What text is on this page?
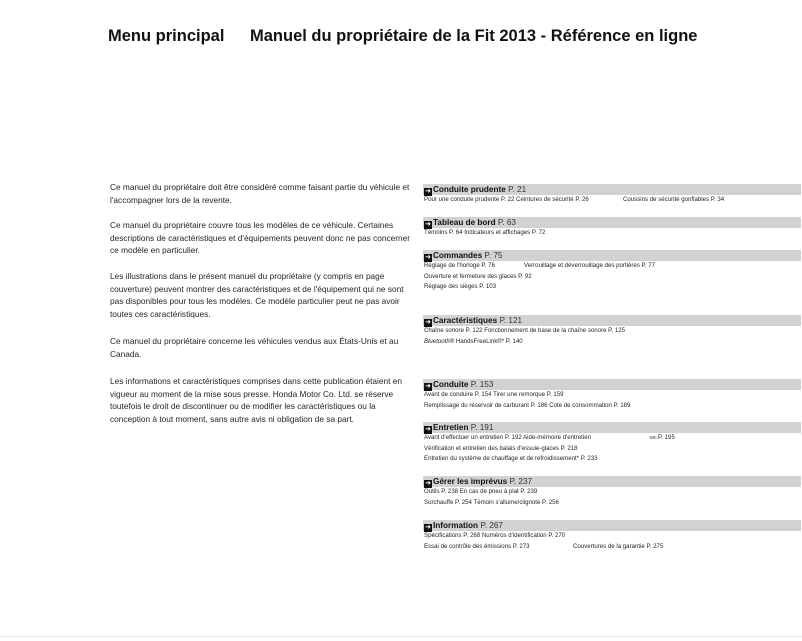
Menu principal Manuel du propriétaire de la Fit 2013 - Référence en ligne

Ce manuel du propriétaire doit être considéré comme faisant partie du véhicule et l'accompagner lors de la revente.

Ce manuel du propriétaire couvre tous les modèles de ce véhicule. Certaines descriptions de caractéristiques et d'équipements peuvent donc ne pas concerner ce modèle en particulier.

Les illustrations dans le présent manuel du propriétaire (y compris en page couverture) peuvent montrer des caractéristiques et de l'équipement qui ne sont pas disponibles pour tous les modèles. Ce modèle particulier peut ne pas avoir toutes ces caractéristiques.

Ce manuel du propriétaire concerne les véhicules vendus aux États-Unis et au Canada.

Les informations et caractéristiques comprises dans cette publication étaient en vigueur au moment de la mise sous presse. Honda Motor Co. Ltd. se réserve toutefois le droit de discontinuer ou de modifier les caractéristiques ou la conception à tout moment, sans autre avis ni obligation de sa part.

➜ Conduite prudente P. 21
Pour une conduite prudente P. 22 Ceintures de sécurité P. 26	Coussins de sécurité gonflables P. 34
➜ Tableau de bord P. 63
Témoins P. 64 Indicateurs et affichages P. 72
➜ Commandes P. 75
Réglage de l'horloge P. 76	Verrouillage et déverrouillage des portières P. 77
Ouverture et fermeture des glaces P. 92
Réglage des sièges P. 103
➜ Caractéristiques P. 121
Chaîne sonore P. 122 Fonctionnement de base de la chaîne sonore P. 125
Bluetooth® HandsFreeLink®* P. 140
➜ Conduite P. 153
Avant de conduire P. 154 Tirer une remorque P. 159
Remplissage du réservoir de carburant P. 186 Cote de consommation P. 189
➜ Entretien P. 191
Avant d'effectuer un entretien P. 192 Aide-mémoire d'entretien	MC P. 195
Vérification et entretien des balais d'essuie-glaces P. 218
Entretien du système de chauffage et de refroidissement* P. 233
➜ Gérer les imprévus P. 237
Outils P. 238 En cas de pneu à plat P. 239
Surchauffe P. 254 Témoin s'allume/clignote P. 256
➜ Information P. 267
Spécifications P. 268 Numéros d'identification P. 270
Essai de contrôle des émissions P. 273	Couvertures de la garantie P. 275
